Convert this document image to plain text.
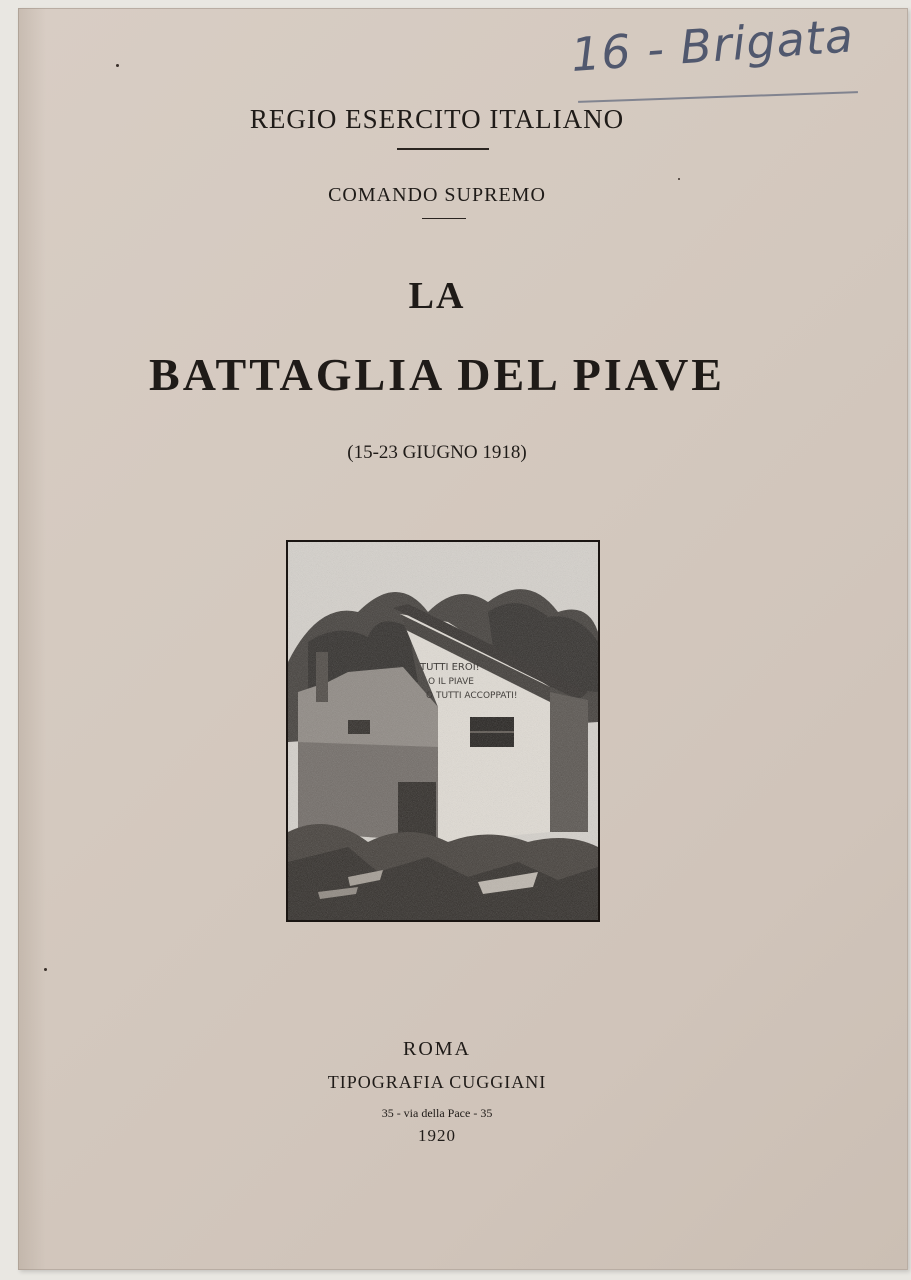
16 - Brigata
REGIO ESERCITO ITALIANO
COMANDO SUPREMO
LA
BATTAGLIA DEL PIAVE
(15-23 GIUGNO 1918)
ROMA
TIPOGRAFIA CUGGIANI
35 - via della Pace - 35
1920
